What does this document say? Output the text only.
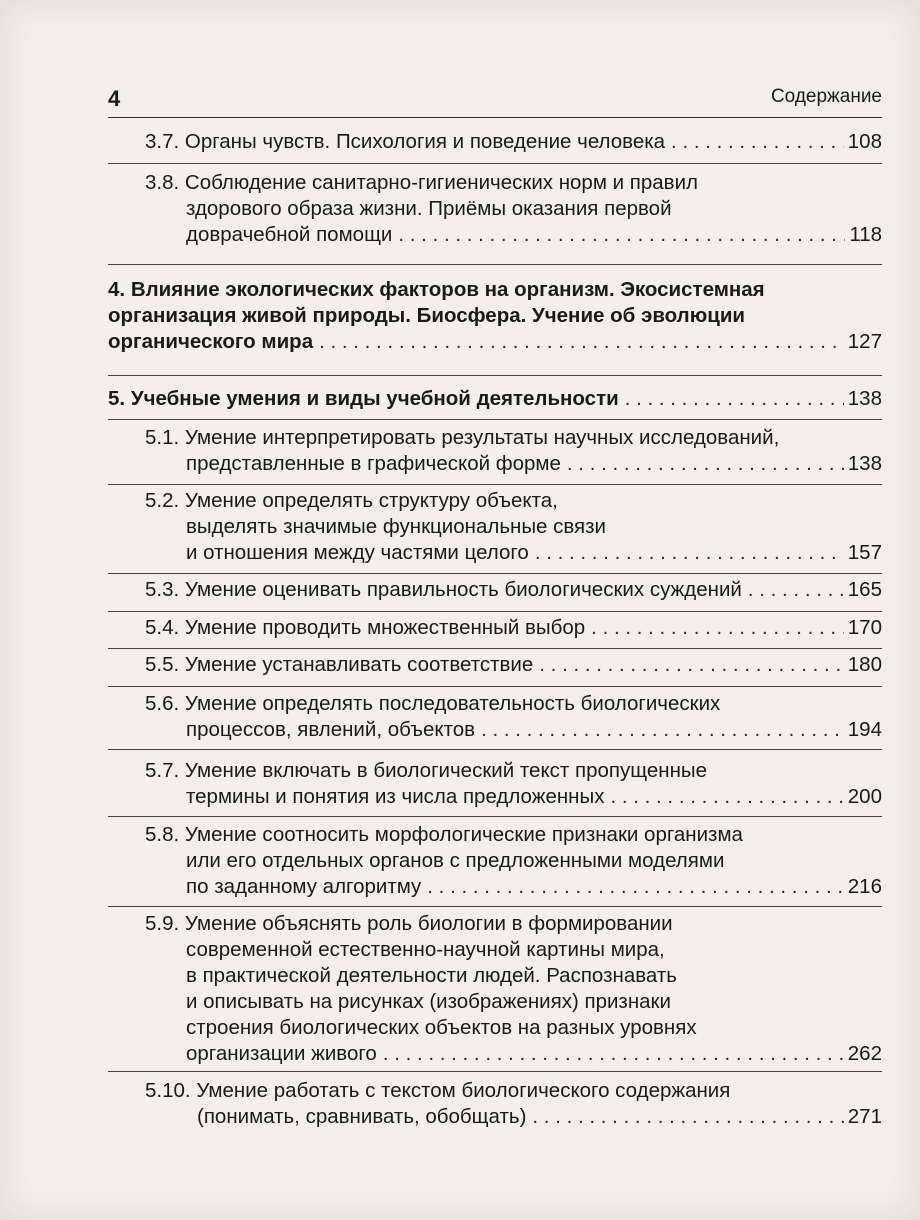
4	Содержание
3.7. Органы чувств. Психология и поведение человека . . .	108
3.8. Соблюдение санитарно-гигиенических норм и правил
здорового образа жизни. Приёмы оказания первой
доврачебной помощи . . .	118
4. Влияние экологических факторов на организм. Экосистемная
организация живой природы. Биосфера. Учение об эволюции
органического мира . . .	127
5. Учебные умения и виды учебной деятельности . . .	138
5.1. Умение интерпретировать результаты научных исследований,
представленные в графической форме . . .	138
5.2. Умение определять структуру объекта,
выделять значимые функциональные связи
и отношения между частями целого . . .	157
5.3. Умение оценивать правильность биологических суждений . . .	165
5.4. Умение проводить множественный выбор . . .	170
5.5. Умение устанавливать соответствие . . .	180
5.6. Умение определять последовательность биологических
процессов, явлений, объектов . . .	194
5.7. Умение включать в биологический текст пропущенные
термины и понятия из числа предложенных . . .	200
5.8. Умение соотносить морфологические признаки организма
или его отдельных органов с предложенными моделями
по заданному алгоритму . . .	216
5.9. Умение объяснять роль биологии в формировании
современной естественно-научной картины мира,
в практической деятельности людей. Распознавать
и описывать на рисунках (изображениях) признаки
строения биологических объектов на разных уровнях
организации живого . . .	262
5.10. Умение работать с текстом биологического содержания
(понимать, сравнивать, обобщать) . . .	271
